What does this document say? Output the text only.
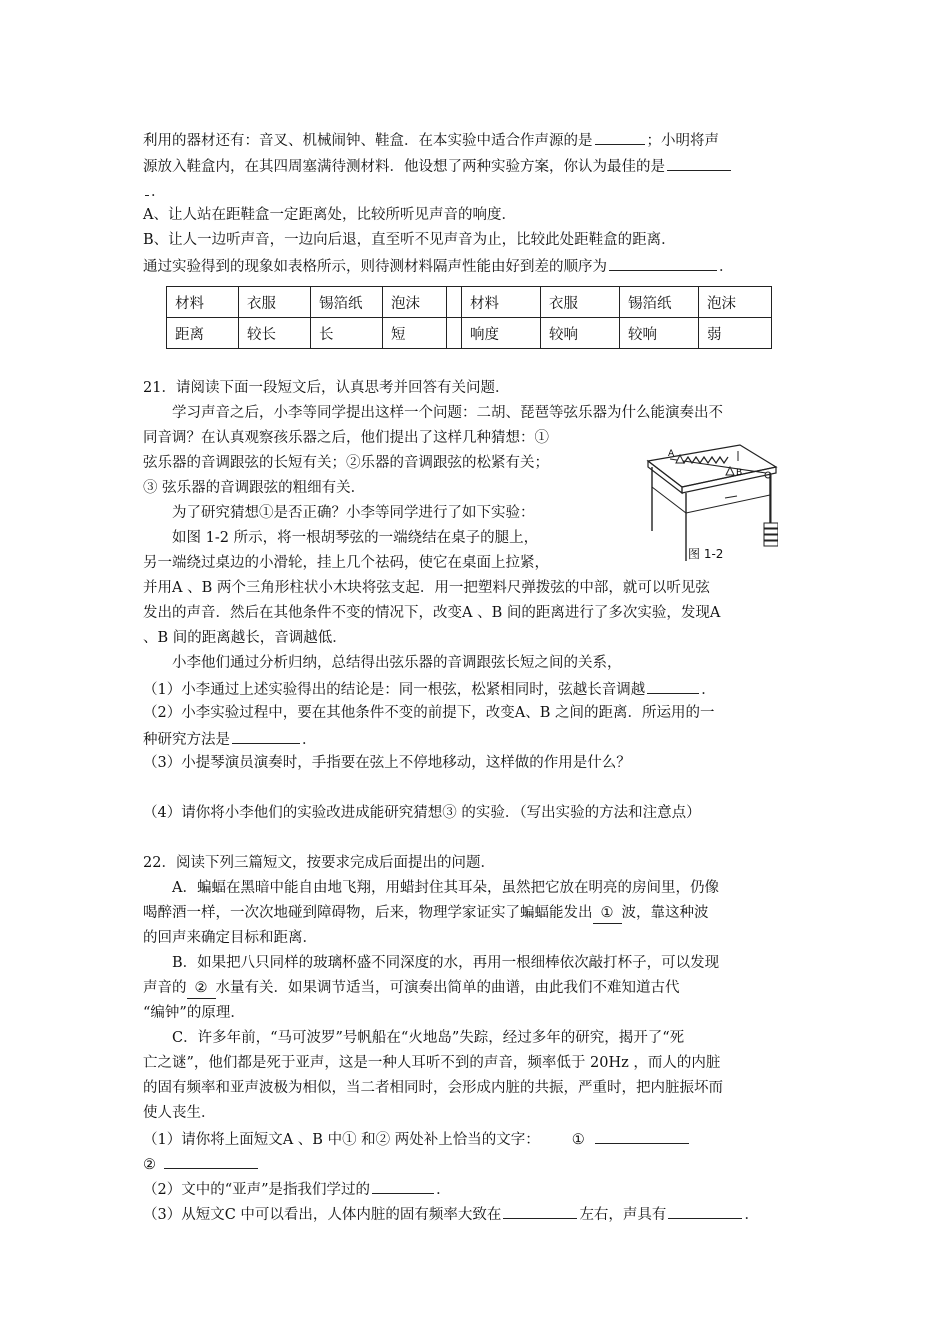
利用的器材还有：音叉、机械闹钟、鞋盒．在本实验中适合作声源的是	；小明将声
源放入鞋盒内，在其四周塞满待测材料．他设想了两种实验方案，你认为最佳的是
．
A、让人站在距鞋盒一定距离处，比较所听见声音的响度．
B、让人一边听声音，一边向后退，直至听不见声音为止，比较此处距鞋盒的距离．
通过实验得到的现象如表格所示，则待测材料隔声性能由好到差的顺序为	．
材料	衣服	锡箔纸	泡沫		材料	衣服	锡箔纸	泡沫
距离	较长	长	短		响度	较响	较响	弱
21．请阅读下面一段短文后，认真思考并回答有关问题．
学习声音之后，小李等同学提出这样一个问题：二胡、琵琶等弦乐器为什么能演奏出不
同音调？在认真观察孩乐器之后，他们提出了这样几种猜想：①
弦乐器的音调跟弦的长短有关；②乐器的音调跟弦的松紧有关；
③ 弦乐器的音调跟弦的粗细有关．
为了研究猜想①是否正确？小李等同学进行了如下实验：
如图 1-2 所示，将一根胡琴弦的一端绕结在桌子的腿上，
另一端绕过桌边的小滑轮，挂上几个祛码，使它在桌面上拉紧，
并用A 、B 两个三角形柱状小木块将弦支起．用一把塑料尺弹拨弦的中部，就可以听见弦
发出的声音．然后在其他条件不变的情况下，改变A 、B 间的距离进行了多次实验，发现A
、B 间的距离越长，音调越低．
小李他们通过分析归纳，总结得出弦乐器的音调跟弦长短之间的关系，
A
B
图 1-2
（1）小李通过上述实验得出的结论是：同一根弦，松紧相同时，弦越长音调越	．
（2）小李实验过程中，要在其他条件不变的前提下，改变A、B 之间的距离．所运用的一
种研究方法是	．
（3）小提琴演员演奏时，手指要在弦上不停地移动，这样做的作用是什么？
（4）请你将小李他们的实验改进成能研究猜想③ 的实验．（写出实验的方法和注意点）
22．阅读下列三篇短文，按要求完成后面提出的问题．
A．蝙蝠在黑暗中能自由地飞翔，用蜡封住其耳朵，虽然把它放在明亮的房间里，仍像
喝醉酒一样，一次次地碰到障碍物，后来，物理学家证实了蝙蝠能发出 ① 波，靠这种波
的回声来确定目标和距离．
B．如果把八只同样的玻璃杯盛不同深度的水，再用一根细棒依次敲打杯子，可以发现
声音的 ② 水量有关．如果调节适当，可演奏出简单的曲谱，由此我们不难知道古代
“编钟”的原理．
C．许多年前，“马可波罗”号帆船在“火地岛”失踪，经过多年的研究，揭开了“死
亡之谜”，他们都是死于亚声，这是一种人耳听不到的声音，频率低于 20Hz ，而人的内脏
的固有频率和亚声波极为相似，当二者相同时，会形成内脏的共振，严重时，把内脏振坏而
使人丧生．
（1）请你将上面短文A 、B 中① 和② 两处补上恰当的文字： ①
②
（2）文中的“亚声”是指我们学过的	．
（3）从短文C 中可以看出，人体内脏的固有频率大致在	左右，声具有	．
